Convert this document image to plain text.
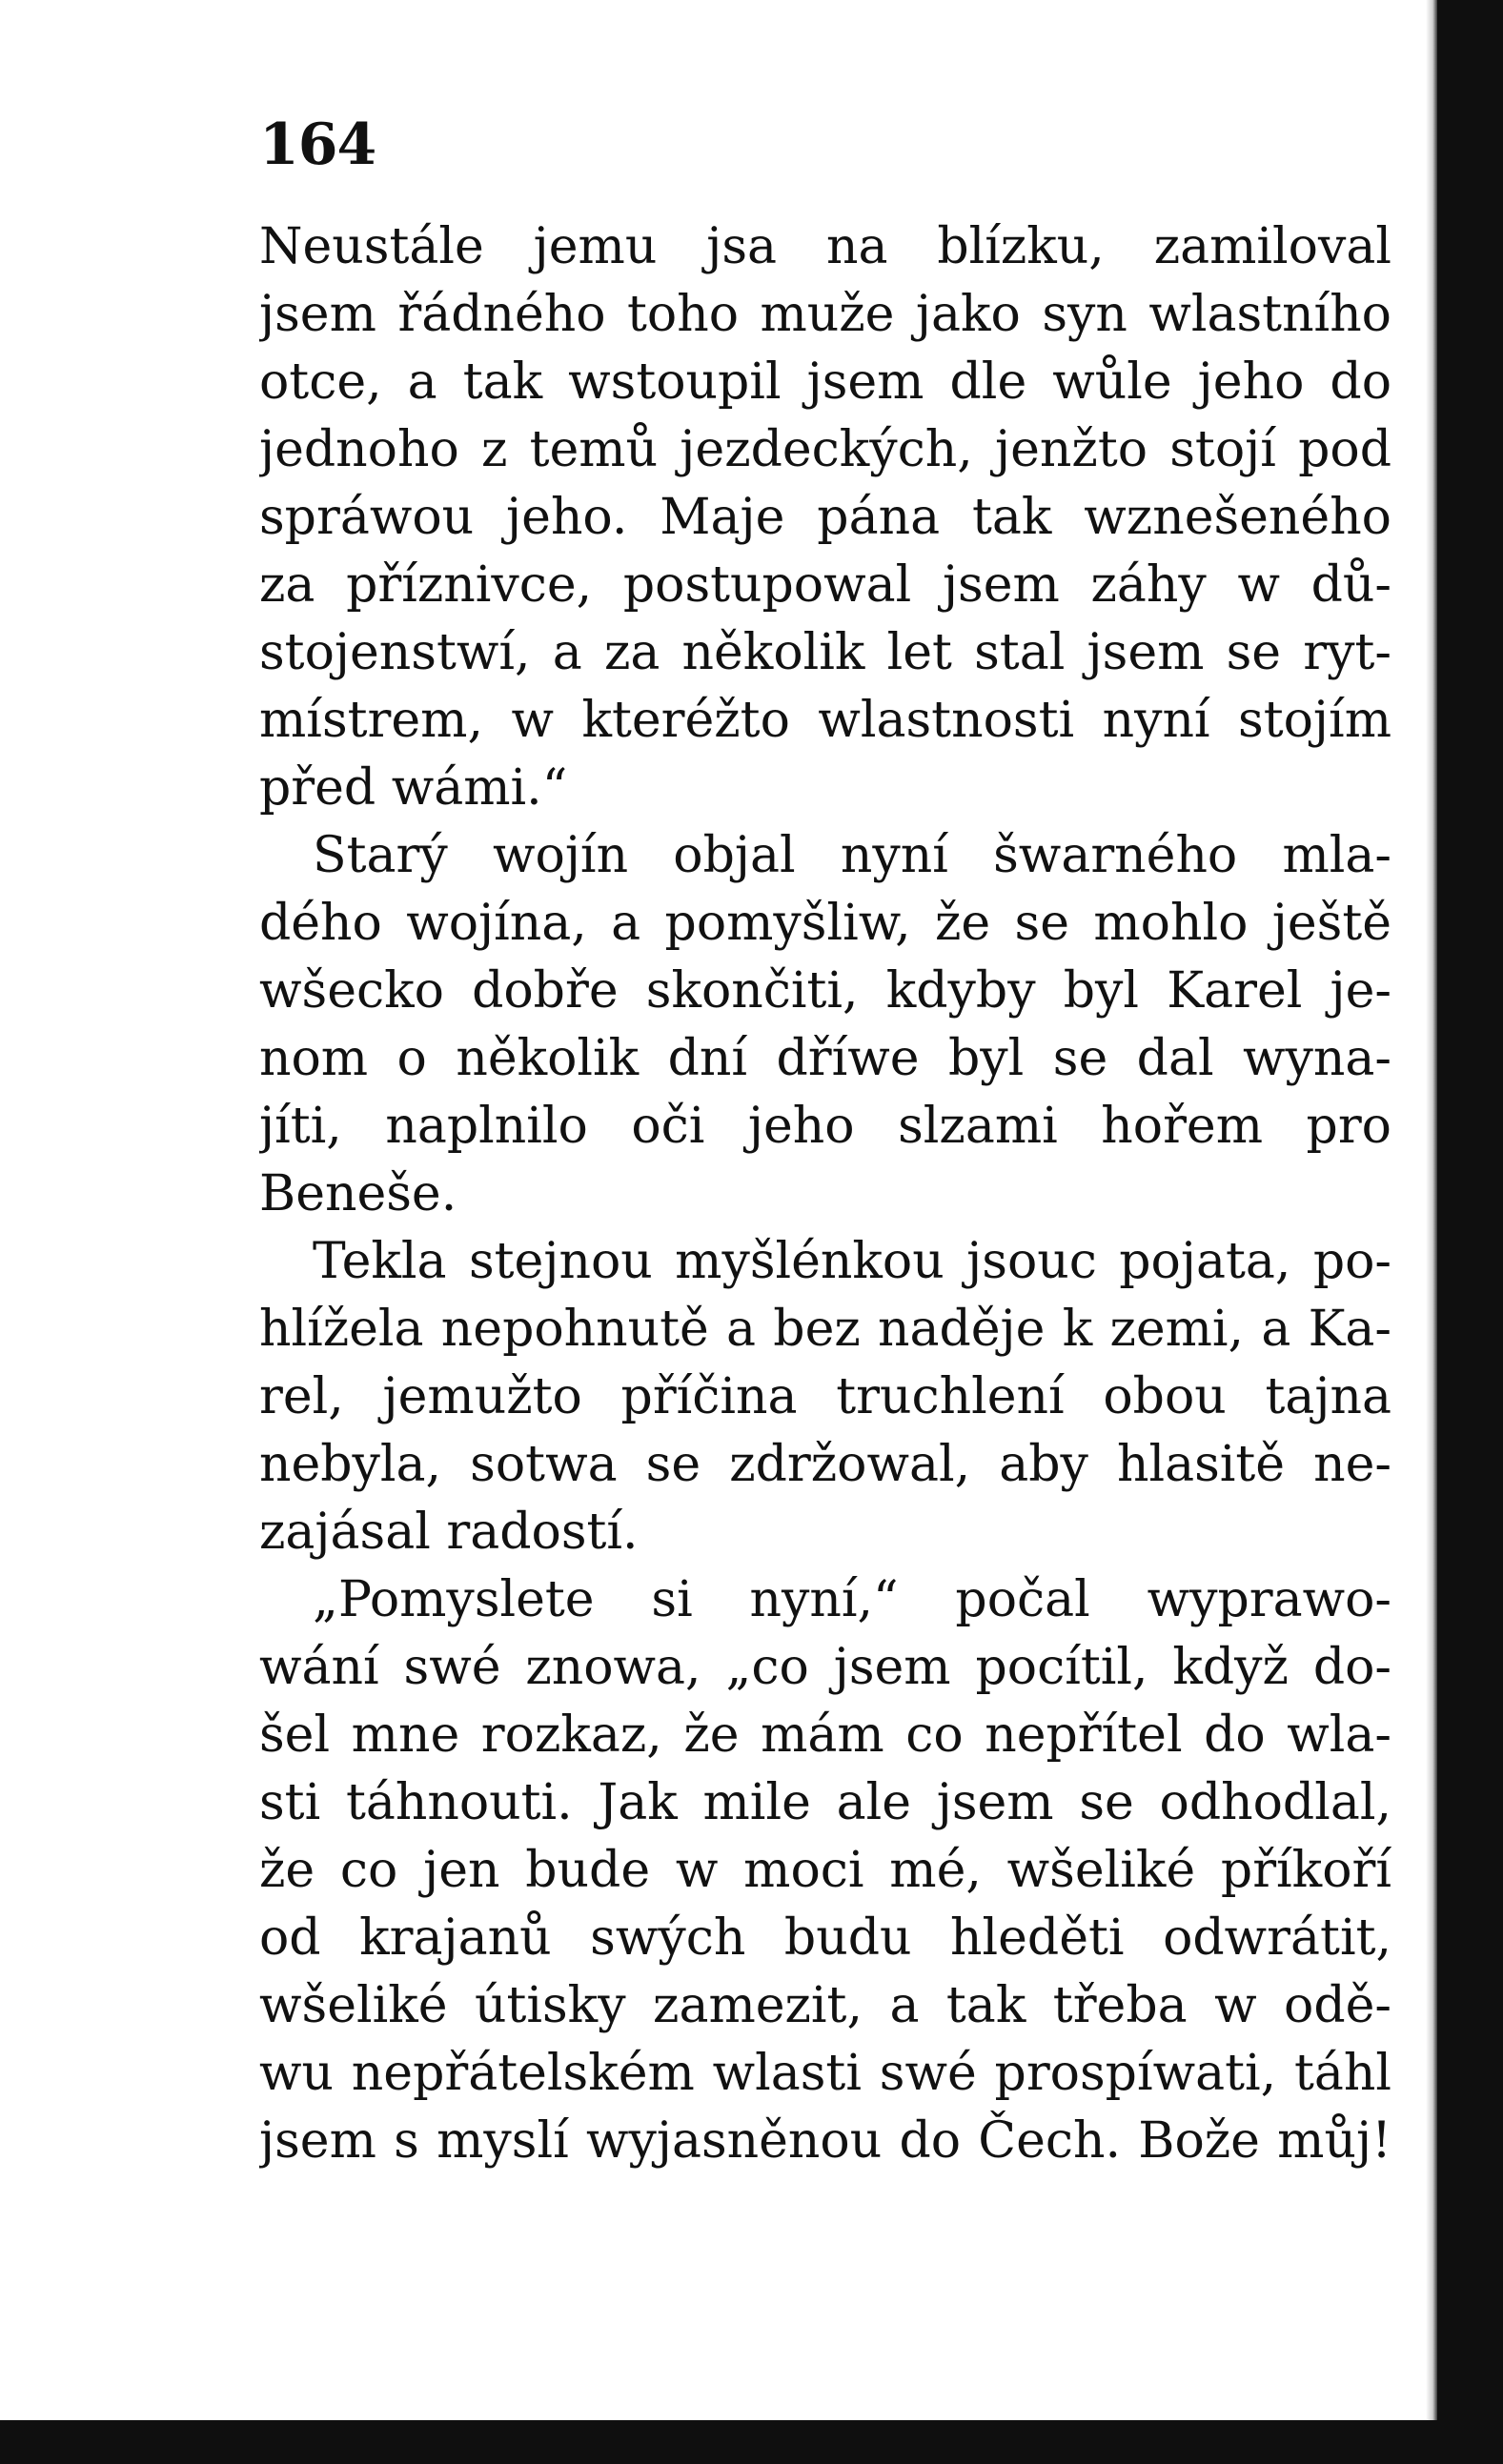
164
Neustále jemu jsa na blízku, zamiloval
jsem řádného toho muže jako syn wlastního
otce, a tak wstoupil jsem dle wůle jeho do
jednoho z temů jezdeckých, jenžto stojí pod
spráwou jeho. Maje pána tak wznešeného
za příznivce, postupowal jsem záhy w dů-
stojenstwí, a za několik let stal jsem se ryt-
místrem, w kteréžto wlastnosti nyní stojím
před wámi.“
Starý wojín objal nyní šwarného mla-
dého wojína, a pomyšliw, že se mohlo ještě
wšecko dobře skončiti, kdyby byl Karel je-
nom o několik dní dříwe byl se dal wyna-
jíti, naplnilo oči jeho slzami hořem pro
Beneše.
Tekla stejnou myšlénkou jsouc pojata, po-
hlížela nepohnutě a bez naděje k zemi, a Ka-
rel, jemužto příčina truchlení obou tajna
nebyla, sotwa se zdržowal, aby hlasitě ne-
zajásal radostí.
„Pomyslete si nyní,“ počal wyprawo-
wání swé znowa, „co jsem pocítil, když do-
šel mne rozkaz, že mám co nepřítel do wla-
sti táhnouti. Jak mile ale jsem se odhodlal,
že co jen bude w moci mé, wšeliké příkoří
od krajanů swých budu hleděti odwrátit,
wšeliké útisky zamezit, a tak třeba w odě-
wu nepřátelském wlasti swé prospíwati, táhl
jsem s myslí wyjasněnou do Čech. Bože můj!
